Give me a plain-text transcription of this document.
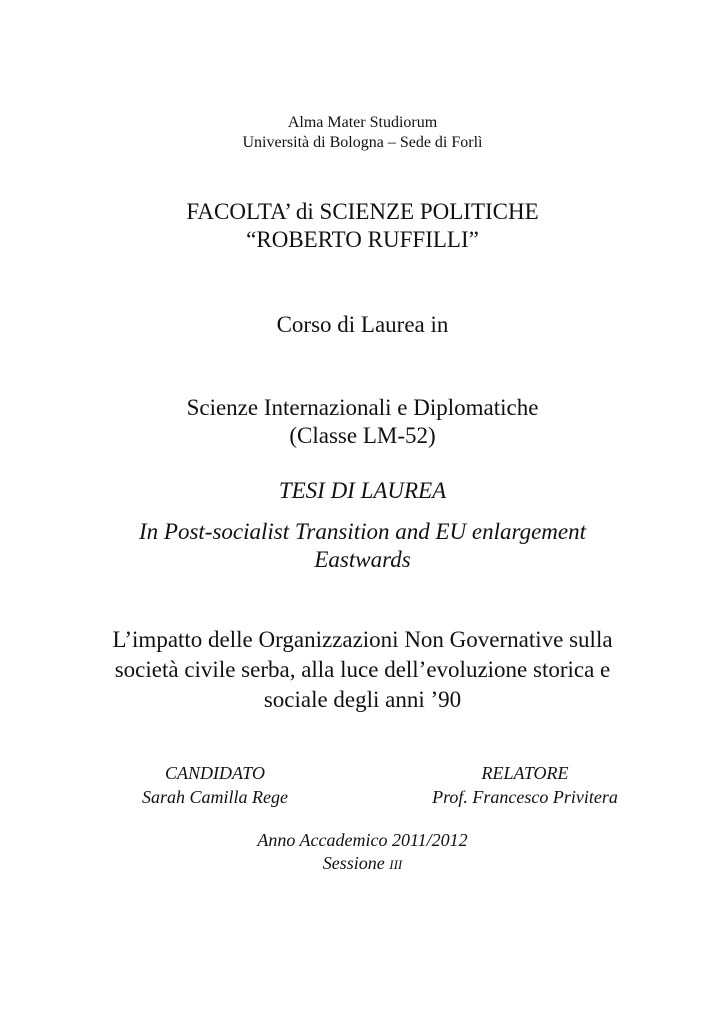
Alma Mater Studiorum
Università di Bologna – Sede di Forlì
FACOLTA’ di SCIENZE POLITICHE
“ROBERTO RUFFILLI”
Corso di Laurea in
Scienze Internazionali e Diplomatiche
(Classe LM-52)
TESI DI LAUREA
In Post-socialist Transition and EU enlargement
Eastwards
L’impatto delle Organizzazioni Non Governative sulla
società civile serba, alla luce dell’evoluzione storica e
sociale degli anni ’90
CANDIDATO
Sarah Camilla Rege
RELATORE
Prof. Francesco Privitera
Anno Accademico 2011/2012
Sessione III
